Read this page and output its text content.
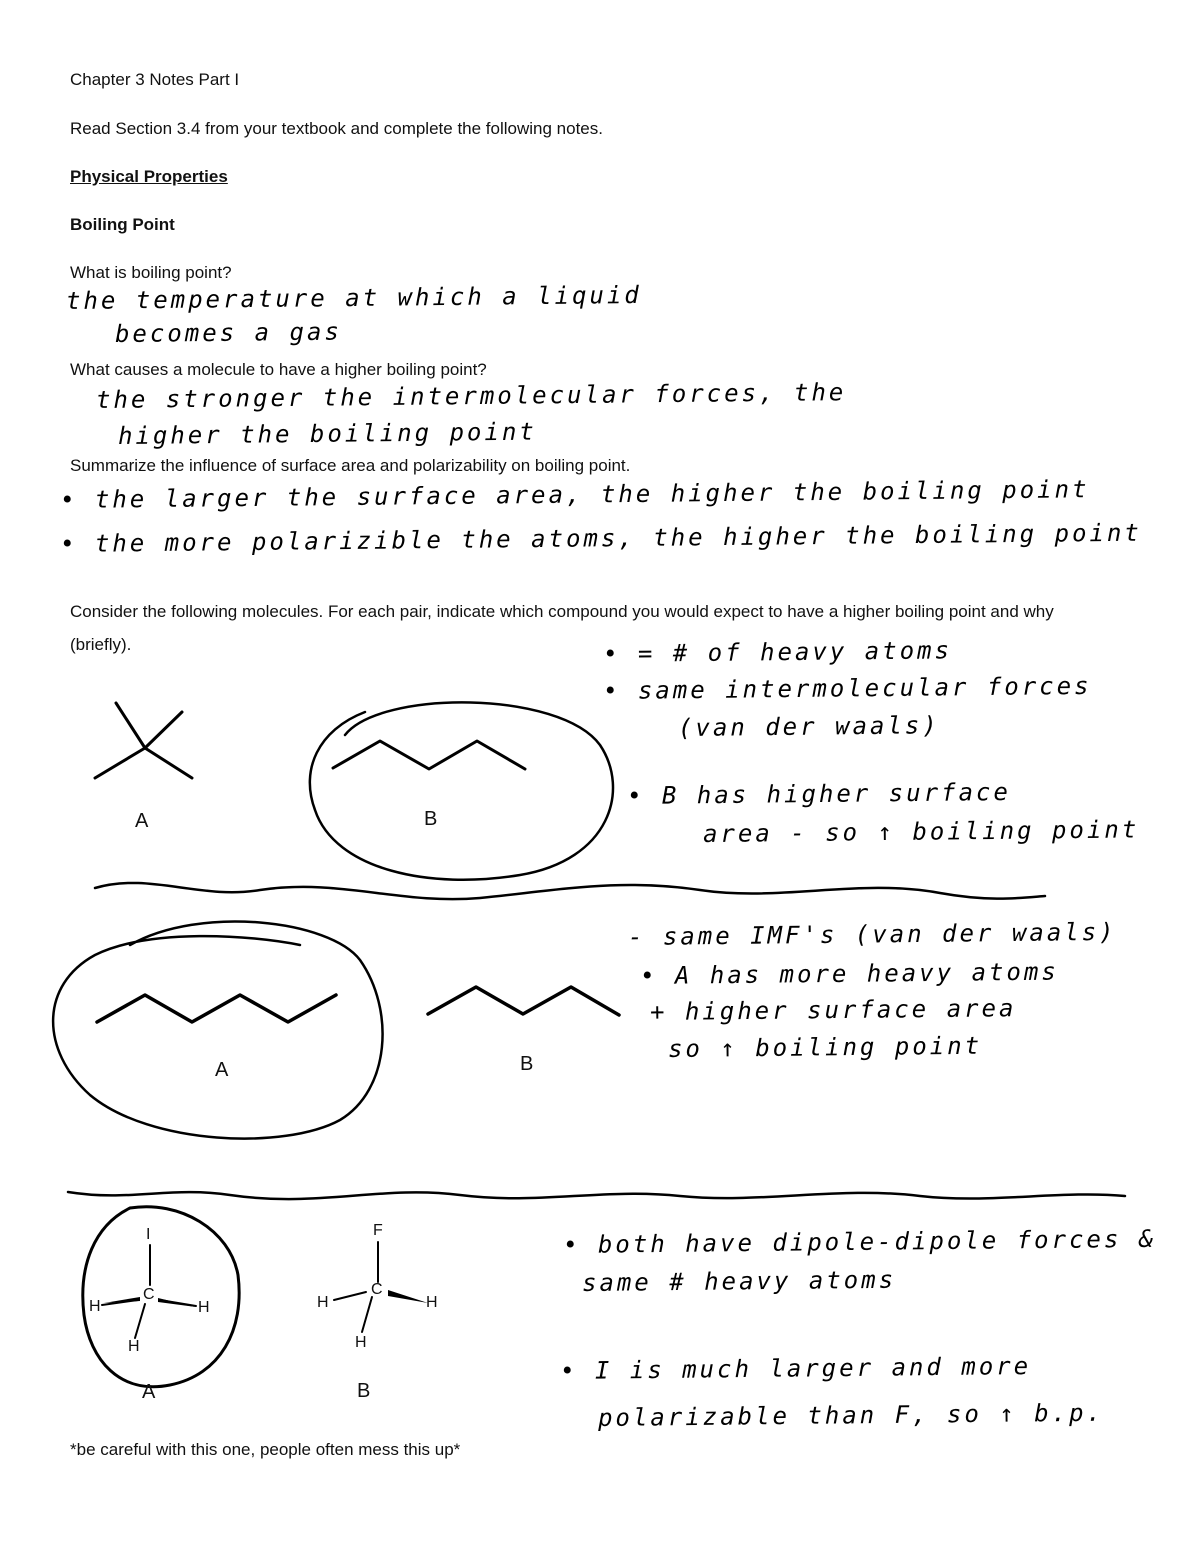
Chapter 3 Notes Part I
Read Section 3.4 from your textbook and complete the following notes.
Physical Properties
Boiling Point
What is boiling point?
the temperature at which a liquid
becomes a gas
What causes a molecule to have a higher boiling point?
the stronger the intermolecular forces, the
higher the boiling point
Summarize the influence of surface area and polarizability on boiling point.
• the larger the surface area, the higher the boiling point
• the more polarizible the atoms, the higher the boiling point
Consider the following molecules. For each pair, indicate which compound you would expect to have a higher boiling point and why (briefly).
A	B
A	B
A	B
I
C
H	H
H
F
C
H	H
H
• = # of heavy atoms
• same intermolecular forces
(van der waals)
• B has higher surface
area - so ↑ boiling point
- same IMF's (van der waals)
• A has more heavy atoms
+ higher surface area
so ↑ boiling point
• both have dipole-dipole forces &
same # heavy atoms
• I is much larger and more
polarizable than F, so ↑ b.p.
*be careful with this one, people often mess this up*
